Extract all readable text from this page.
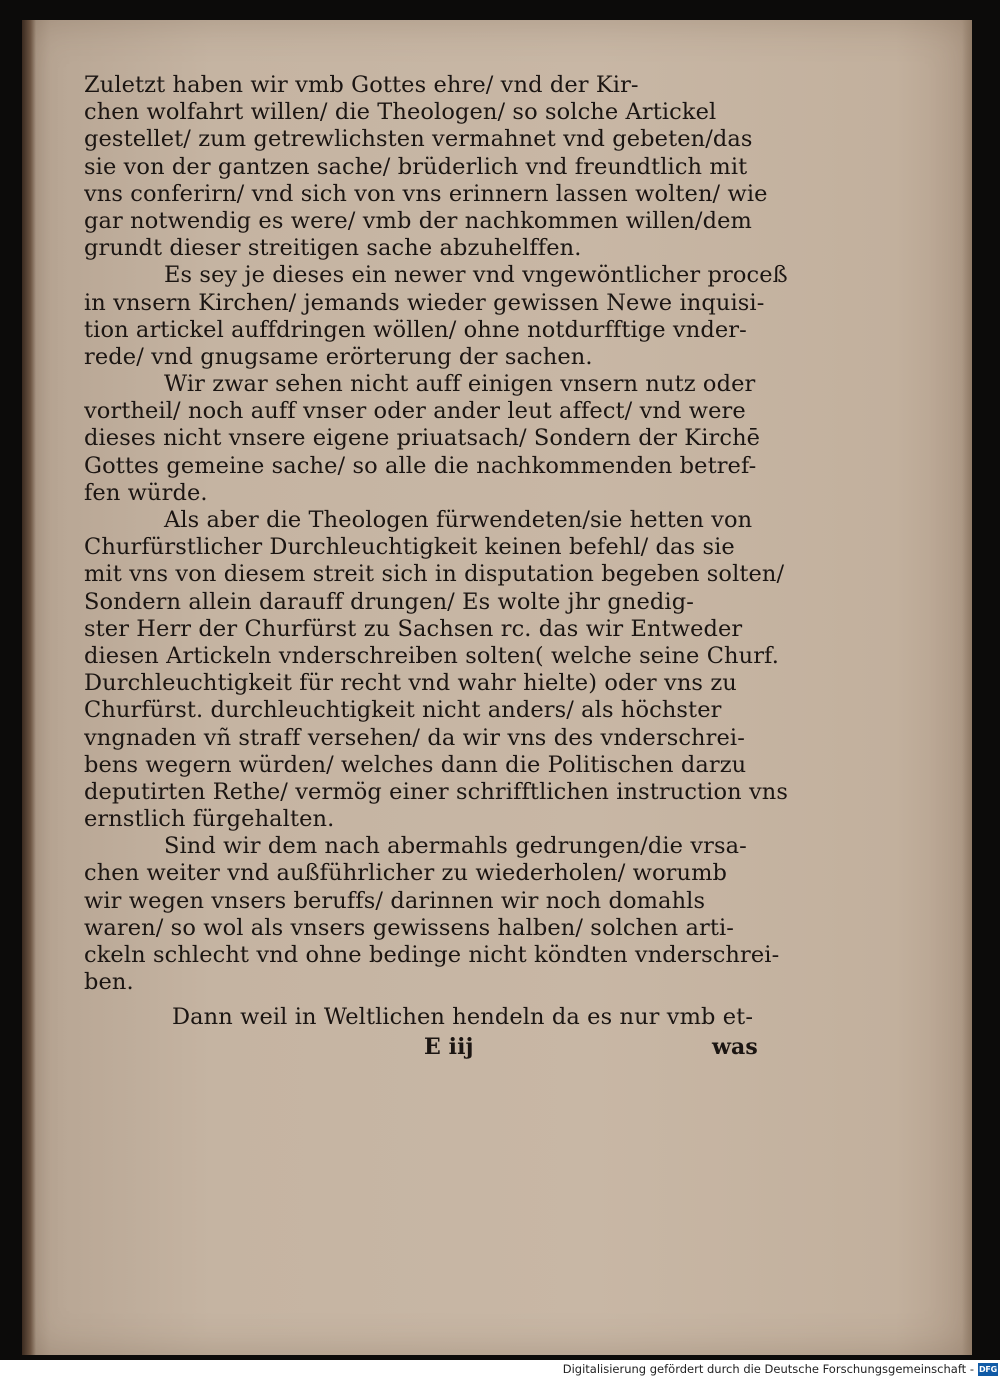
Zuletzt haben wir vmb Gottes ehre/ vnd der Kir-
chen wolfahrt willen/ die Theologen/ so solche Artickel
gestellet/ zum getrewlichsten vermahnet vnd gebeten/das
sie von der gantzen sache/ brüderlich vnd freundtlich mit
vns conferirn/ vnd sich von vns erinnern lassen wolten/ wie
gar notwendig es were/ vmb der nachkommen willen/dem
grundt dieser streitigen sache abzuhelffen.
Es sey je dieses ein newer vnd vngewöntlicher proceß
in vnsern Kirchen/ jemands wieder gewissen Newe inquisi-
tion artickel auffdringen wöllen/ ohne notdurfftige vnder-
rede/ vnd gnugsame erörterung der sachen.
Wir zwar sehen nicht auff einigen vnsern nutz oder
vortheil/ noch auff vnser oder ander leut affect/ vnd were
dieses nicht vnsere eigene priuatsach/ Sondern der Kirchē
Gottes gemeine sache/ so alle die nachkommenden betref-
fen würde.
Als aber die Theologen fürwendeten/sie hetten von
Churfürstlicher Durchleuchtigkeit keinen befehl/ das sie
mit vns von diesem streit sich in disputation begeben solten/
Sondern allein darauff drungen/ Es wolte jhr gnedig-
ster Herr der Churfürst zu Sachsen rc. das wir Entweder
diesen Artickeln vnderschreiben solten( welche seine Churf.
Durchleuchtigkeit für recht vnd wahr hielte) oder vns zu
Churfürst. durchleuchtigkeit nicht anders/ als höchster
vngnaden vñ straff versehen/ da wir vns des vnderschrei-
bens wegern würden/ welches dann die Politischen darzu
deputirten Rethe/ vermög einer schrifftlichen instruction vns
ernstlich fürgehalten.
Sind wir dem nach abermahls gedrungen/die vrsa-
chen weiter vnd außführlicher zu wiederholen/ worumb
wir wegen vnsers beruffs/ darinnen wir noch domahls
waren/ so wol als vnsers gewissens halben/ solchen arti-
ckeln schlecht vnd ohne bedinge nicht köndten vnderschrei-
ben.
Dann weil in Weltlichen hendeln da es nur vmb et-
E iij	was
Digitalisierung gefördert durch die Deutsche Forschungsgemeinschaft - DFG
